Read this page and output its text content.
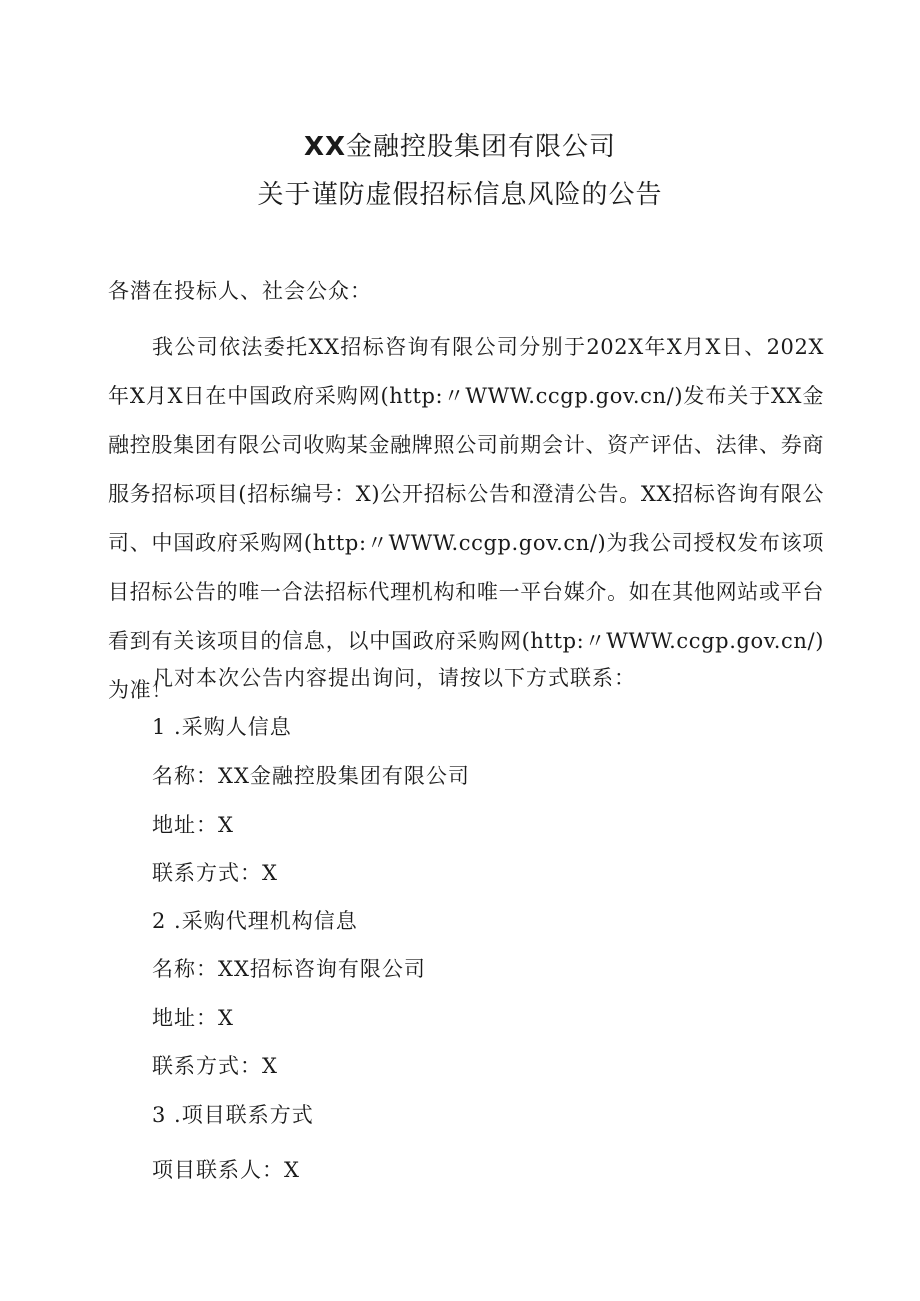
XX金融控股集团有限公司
关于谨防虚假招标信息风险的公告
各潜在投标人、社会公众：

我公司依法委托XX招标咨询有限公司分别于202X年X月X日、202X年X月X日在中国政府采购网(http:〃WWW.ccgp.gov.cn/)发布关于XX金融控股集团有限公司收购某金融牌照公司前期会计、资产评估、法律、券商服务招标项目(招标编号：X)公开招标公告和澄清公告。XX招标咨询有限公司、中国政府采购网(http:〃WWW.ccgp.gov.cn/)为我公司授权发布该项目招标公告的唯一合法招标代理机构和唯一平台媒介。如在其他网站或平台看到有关该项目的信息，以中国政府采购网(http:〃WWW.ccgp.gov.cn/)为准！

凡对本次公告内容提出询问，请按以下方式联系：
1 .采购人信息
名称：XX金融控股集团有限公司
地址：X
联系方式：X
2 .采购代理机构信息
名称：XX招标咨询有限公司
地址：X
联系方式：X
3 .项目联系方式
项目联系人：X
